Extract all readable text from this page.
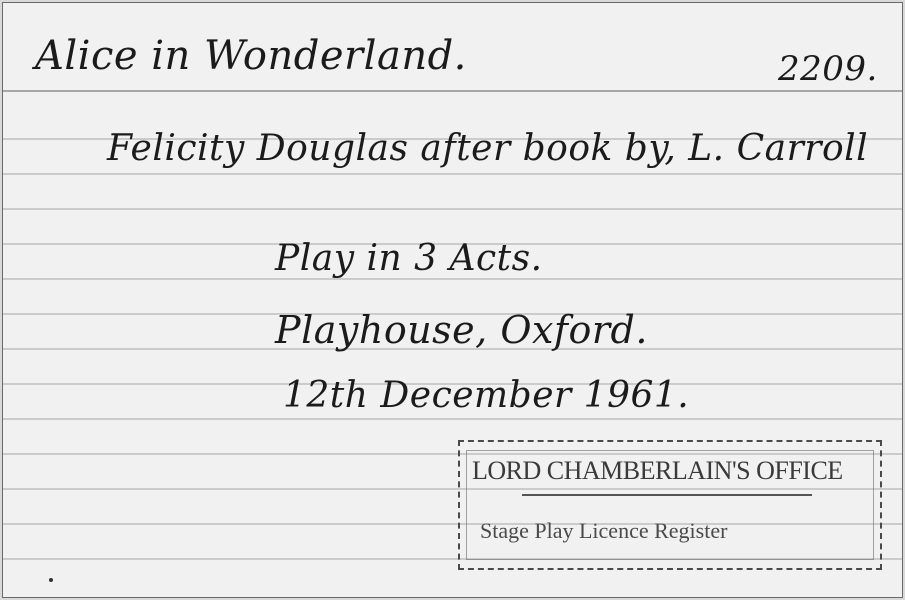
Alice in Wonderland.	2209.
Felicity Douglas after book by, L. Carroll
Play in 3 Acts.
Playhouse, Oxford.
12th December 1961.
LORD CHAMBERLAIN'S OFFICE
Stage Play Licence Register
